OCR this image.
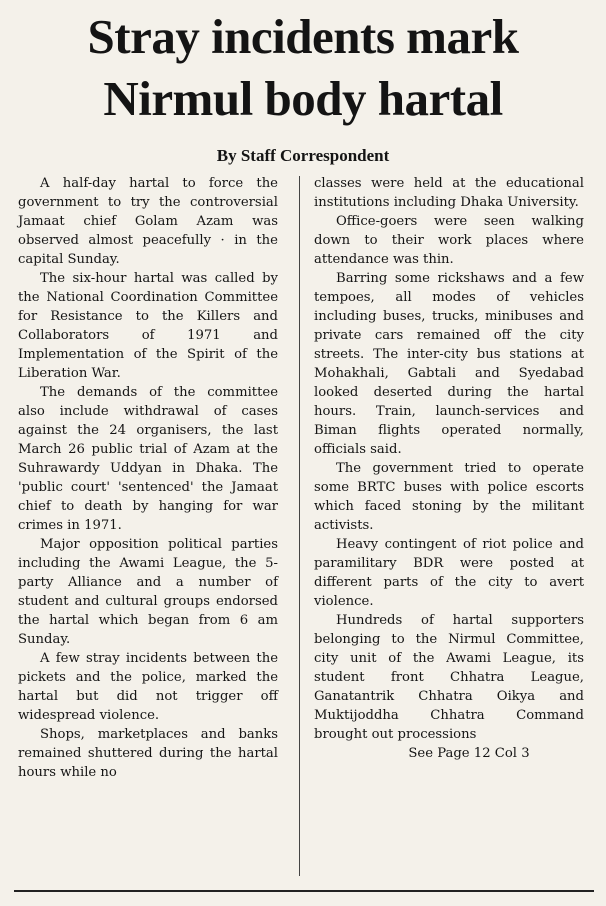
Stray incidents mark
Nirmul body hartal

By Staff Correspondent

A half-day hartal to force the government to try the controversial Jamaat chief Golam Azam was observed almost peacefully · in the capital Sunday.

The six-hour hartal was called by the National Coordination Committee for Resistance to the Killers and Collaborators of 1971 and Implementation of the Spirit of the Liberation War.

The demands of the committee also include withdrawal of cases against the 24 organisers, the last March 26 public trial of Azam at the Suhrawardy Uddyan in Dhaka. The 'public court' 'sentenced' the Jamaat chief to death by hanging for war crimes in 1971.

Major opposition political parties including the Awami League, the 5-party Alliance and a number of student and cultural groups endorsed the hartal which began from 6 am Sunday.

A few stray incidents between the pickets and the police, marked the hartal but did not trigger off widespread violence.

Shops, marketplaces and banks remained shuttered during the hartal hours while no

classes were held at the educational institutions including Dhaka University.

Office-goers were seen walking down to their work places where attendance was thin.

Barring some rickshaws and a few tempoes, all modes of vehicles including buses, trucks, minibuses and private cars remained off the city streets. The inter-city bus stations at Mohakhali, Gabtali and Syedabad looked deserted during the hartal hours. Train, launch-services and Biman flights operated normally, officials said.

The government tried to operate some BRTC buses with police escorts which faced stoning by the militant activists.

Heavy contingent of riot police and paramilitary BDR were posted at different parts of the city to avert violence.

Hundreds of hartal supporters belonging to the Nirmul Committee, city unit of the Awami League, its student front Chhatra League, Ganatantrik Chhatra Oikya and Muktijoddha Chhatra Command brought out processions

See Page 12 Col 3
